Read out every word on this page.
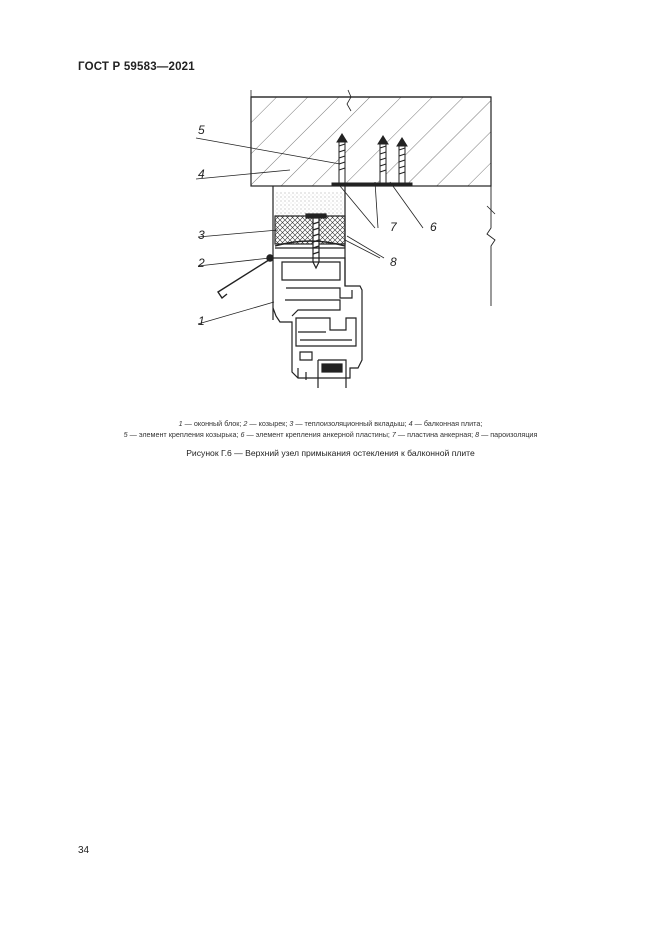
ГОСТ Р 59583—2021
5
4
3
2
1
7	6
8
1 — оконный блок; 2 — козырек; 3 — теплоизоляционный вкладыш; 4 — балконная плита;
5 — элемент крепления козырька; 6 — элемент крепления анкерной пластины; 7 — пластина анкерная; 8 — пароизоляция
Рисунок Г.6 — Верхний узел примыкания остекления к балконной плите
34
